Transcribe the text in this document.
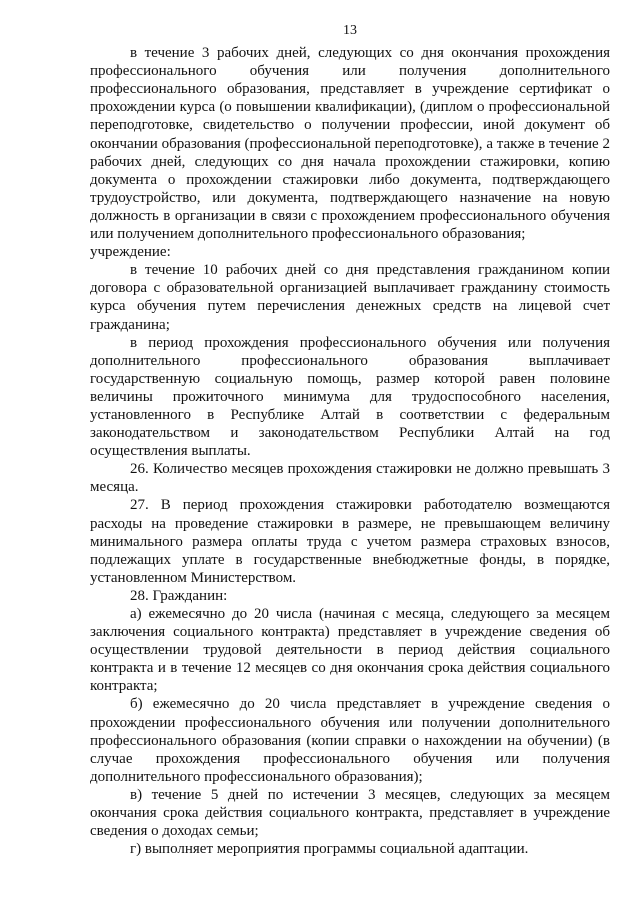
13

в течение 3 рабочих дней, следующих со дня окончания прохождения профессионального обучения или получения дополнительного профессионального образования, представляет в учреждение сертификат о прохождении курса (о повышении квалификации), (диплом о профессиональной переподготовке, свидетельство о получении профессии, иной документ об окончании образования (профессиональной переподготовке), а также в течение 2 рабочих дней, следующих со дня начала прохождении стажировки, копию документа о прохождении стажировки либо документа, подтверждающего трудоустройство, или документа, подтверждающего назначение на новую должность в организации в связи с прохождением профессионального обучения или получением дополнительного профессионального образования;

учреждение:

в течение 10 рабочих дней со дня представления гражданином копии договора с образовательной организацией выплачивает гражданину стоимость курса обучения путем перечисления денежных средств на лицевой счет гражданина;

в период прохождения профессионального обучения или получения дополнительного профессионального образования выплачивает государственную социальную помощь, размер которой равен половине величины прожиточного минимума для трудоспособного населения, установленного в Республике Алтай в соответствии с федеральным законодательством и законодательством Республики Алтай на год осуществления выплаты.

26. Количество месяцев прохождения стажировки не должно превышать 3 месяца.

27. В период прохождения стажировки работодателю возмещаются расходы на проведение стажировки в размере, не превышающем величину минимального размера оплаты труда с учетом размера страховых взносов, подлежащих уплате в государственные внебюджетные фонды, в порядке, установленном Министерством.

28. Гражданин:

а) ежемесячно до 20 числа (начиная с месяца, следующего за месяцем заключения социального контракта) представляет в учреждение сведения об осуществлении трудовой деятельности в период действия социального контракта и в течение 12 месяцев со дня окончания срока действия социального контракта;

б) ежемесячно до 20 числа представляет в учреждение сведения о прохождении профессионального обучения или получении дополнительного профессионального образования (копии справки о нахождении на обучении) (в случае прохождения профессионального обучения или получения дополнительного профессионального образования);

в) течение 5 дней по истечении 3 месяцев, следующих за месяцем окончания срока действия социального контракта, представляет в учреждение сведения о доходах семьи;

г) выполняет мероприятия программы социальной адаптации.
